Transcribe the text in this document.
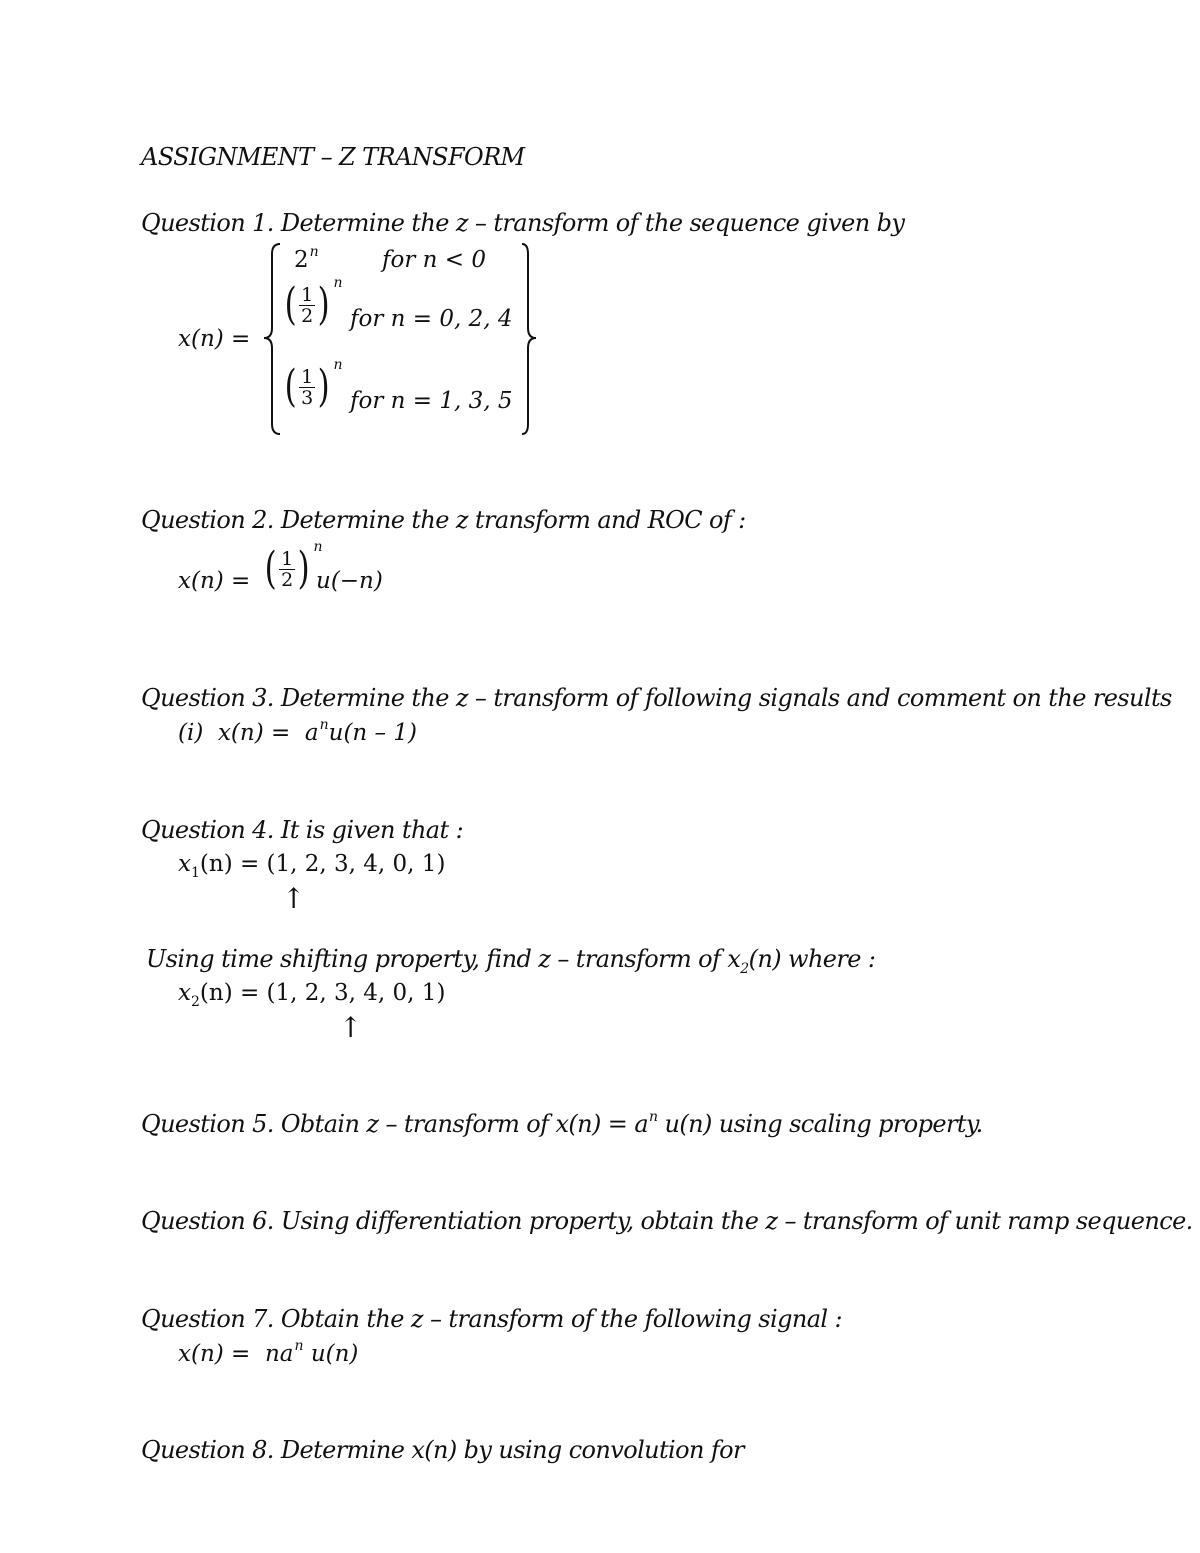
ASSIGNMENT – Z TRANSFORM
Question 1. Determine the z – transform of the sequence given by
x(n) =
$2^n$	for n < 0
( $\frac{1}{2}$ ) $^n$
for n = 0, 2, 4
( $\frac{1}{3}$ ) $^n$
for n = 1, 3, 5
Question 2. Determine the z transform and ROC of :
x(n) = ( $\frac{1}{2}$ ) $^n$
u(−n)
Question 3. Determine the z – transform of following signals and comment on the results
(i) $x(n) = a^nu(n - 1)$
Question 4. It is given that :
$x_1(n) = (1$, 2, 3, 4, 0, 1)
↑
Using time shifting property, find z – transform of $x_2(n)$ where :
$x_2(n) = (1$, 2, 3, 4, 0, 1)
↑
Question 5. Obtain z – transform of $x(n) = a^n$ u(n) using scaling property.
Question 6. Using differentiation property, obtain the z – transform of unit ramp sequence.
Question 7. Obtain the z – transform of the following signal :
$x(n) = na^n$ u(n)
Question 8. Determine x(n) by using convolution for
